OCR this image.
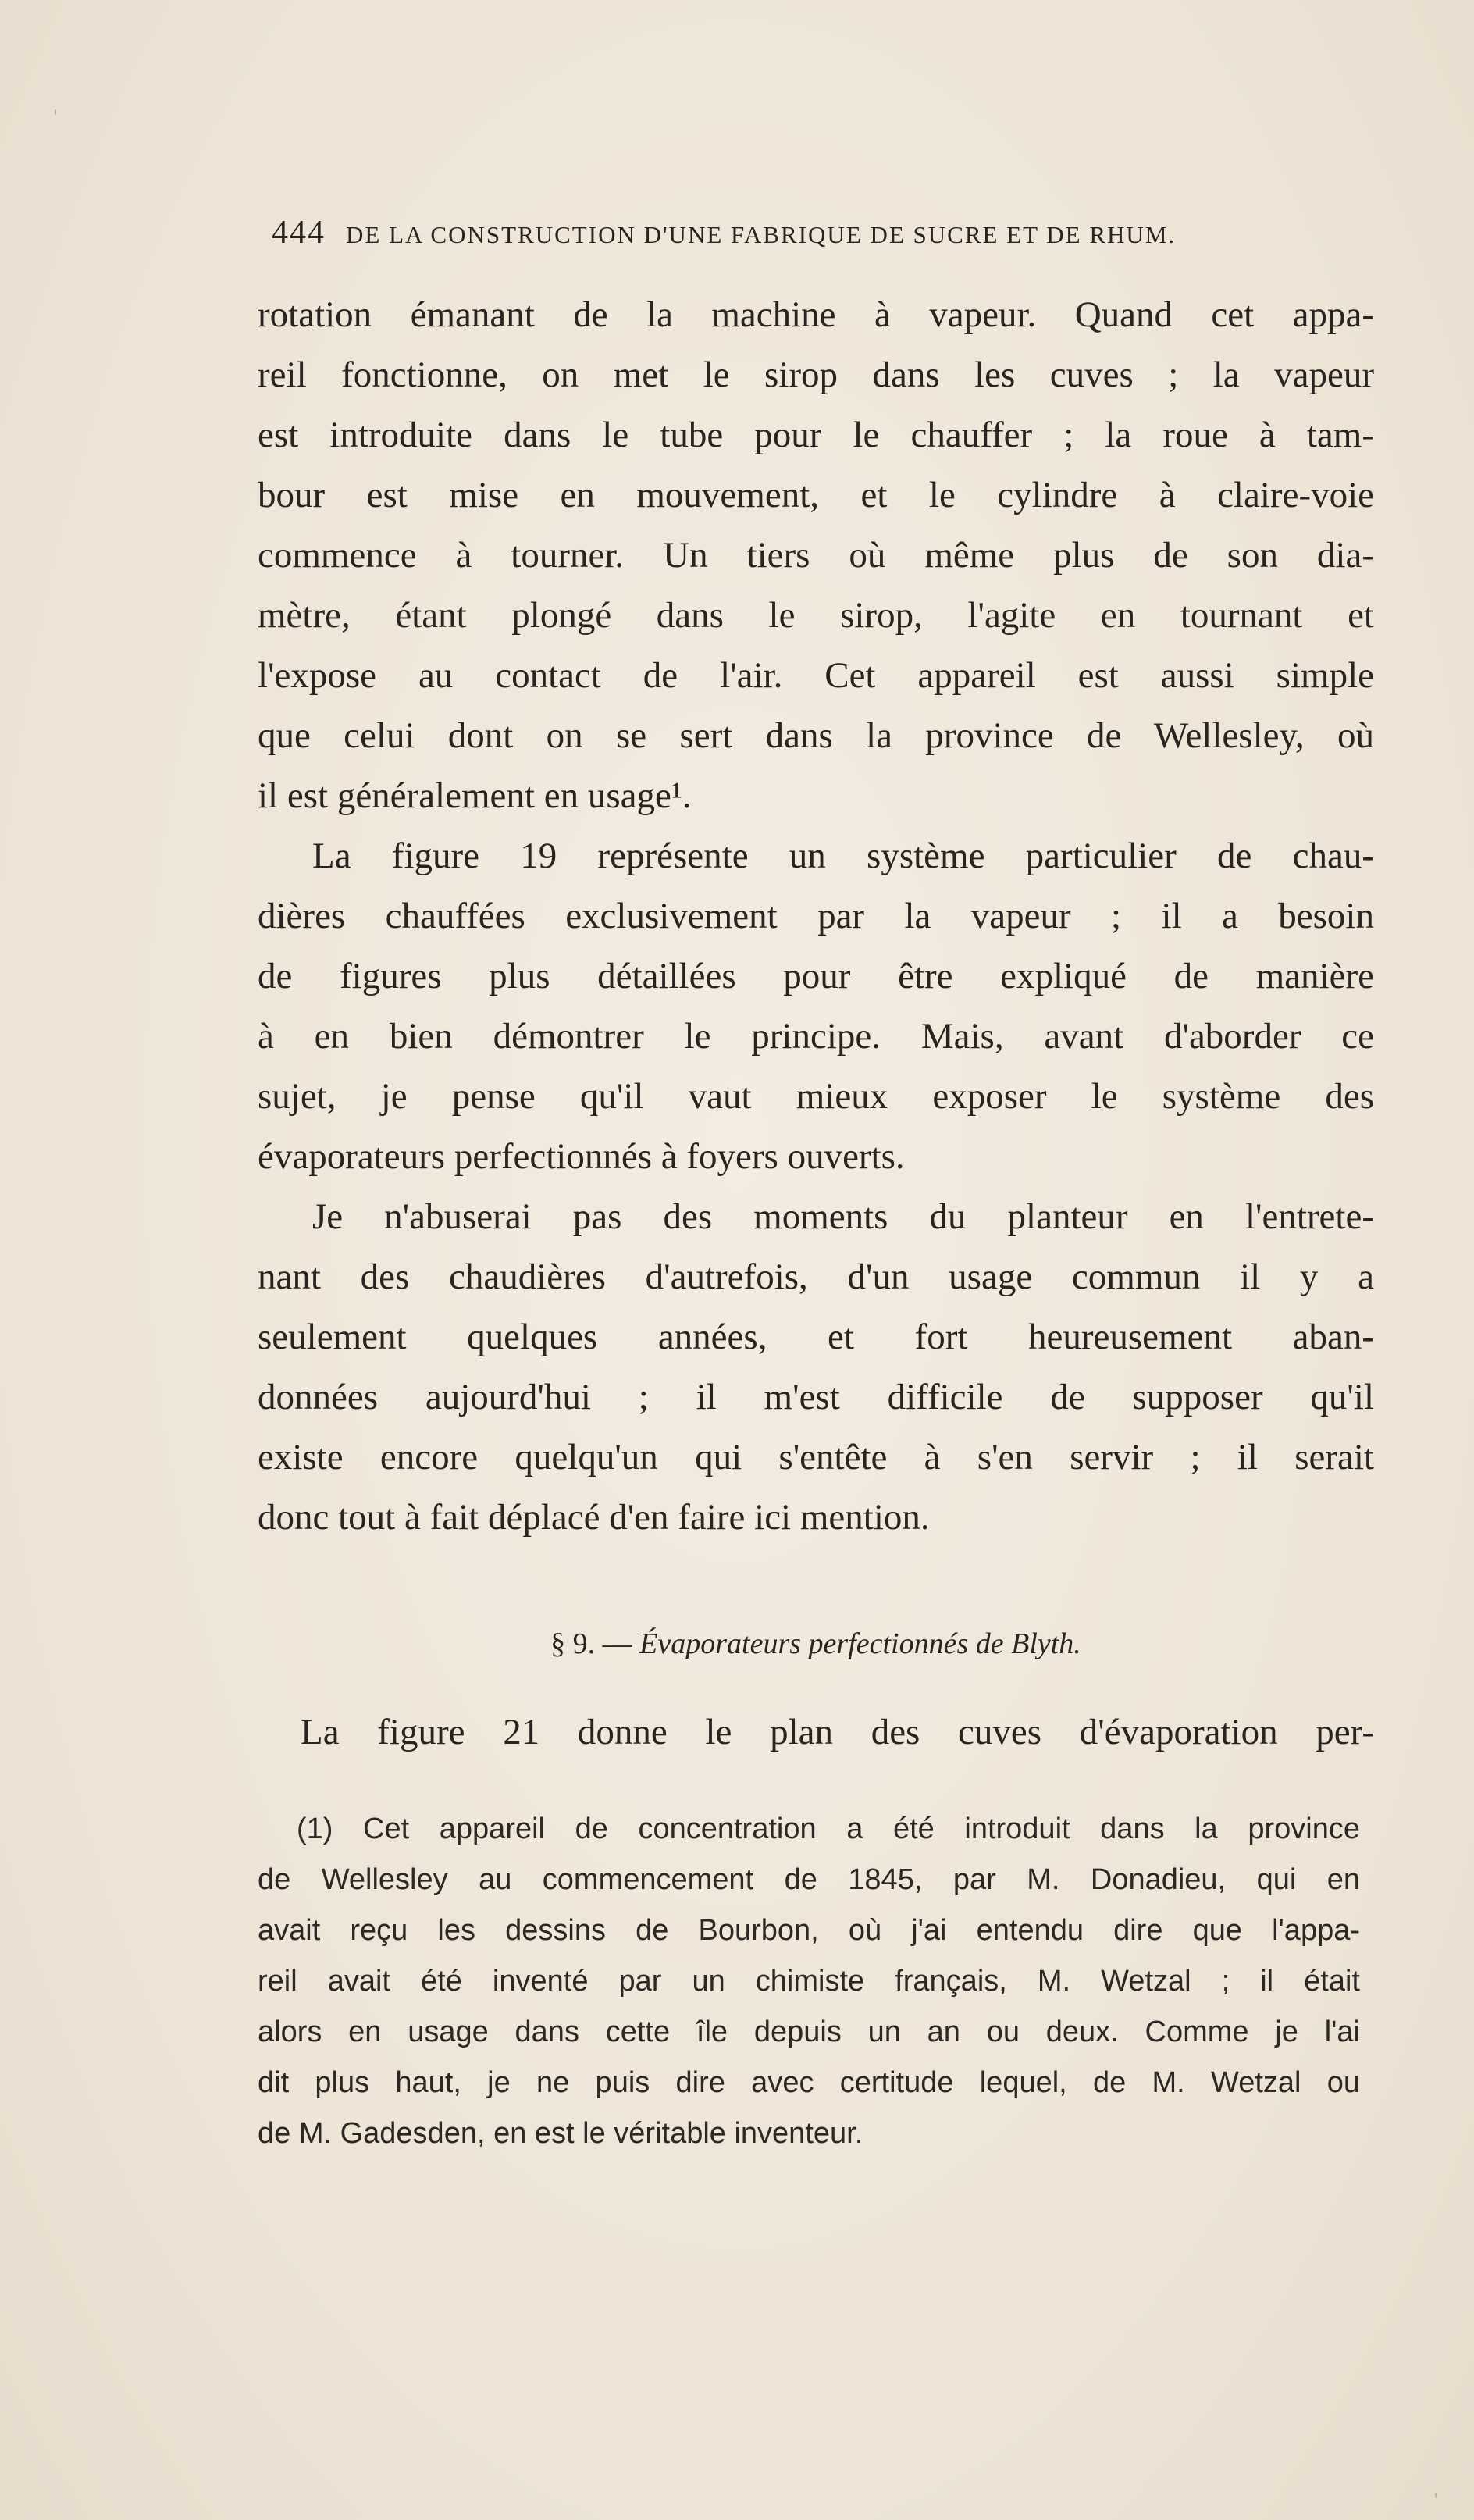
'
'
444 DE LA CONSTRUCTION D'UNE FABRIQUE DE SUCRE ET DE RHUM.
rotation émanant de la machine à vapeur. Quand cet appa-
reil fonctionne, on met le sirop dans les cuves ; la vapeur
est introduite dans le tube pour le chauffer ; la roue à tam-
bour est mise en mouvement, et le cylindre à claire-voie
commence à tourner. Un tiers où même plus de son dia-
mètre, étant plongé dans le sirop, l'agite en tournant et
l'expose au contact de l'air. Cet appareil est aussi simple
que celui dont on se sert dans la province de Wellesley, où
il est généralement en usage¹.
La figure 19 représente un système particulier de chau-
dières chauffées exclusivement par la vapeur ; il a besoin
de figures plus détaillées pour être expliqué de manière
à en bien démontrer le principe. Mais, avant d'aborder ce
sujet, je pense qu'il vaut mieux exposer le système des
évaporateurs perfectionnés à foyers ouverts.
Je n'abuserai pas des moments du planteur en l'entrete-
nant des chaudières d'autrefois, d'un usage commun il y a
seulement quelques années, et fort heureusement aban-
données aujourd'hui ; il m'est difficile de supposer qu'il
existe encore quelqu'un qui s'entête à s'en servir ; il serait
donc tout à fait déplacé d'en faire ici mention.
§ 9. — Évaporateurs perfectionnés de Blyth.
La figure 21 donne le plan des cuves d'évaporation per-
(1) Cet appareil de concentration a été introduit dans la province
de Wellesley au commencement de 1845, par M. Donadieu, qui en
avait reçu les dessins de Bourbon, où j'ai entendu dire que l'appa-
reil avait été inventé par un chimiste français, M. Wetzal ; il était
alors en usage dans cette île depuis un an ou deux. Comme je l'ai
dit plus haut, je ne puis dire avec certitude lequel, de M. Wetzal ou
de M. Gadesden, en est le véritable inventeur.
